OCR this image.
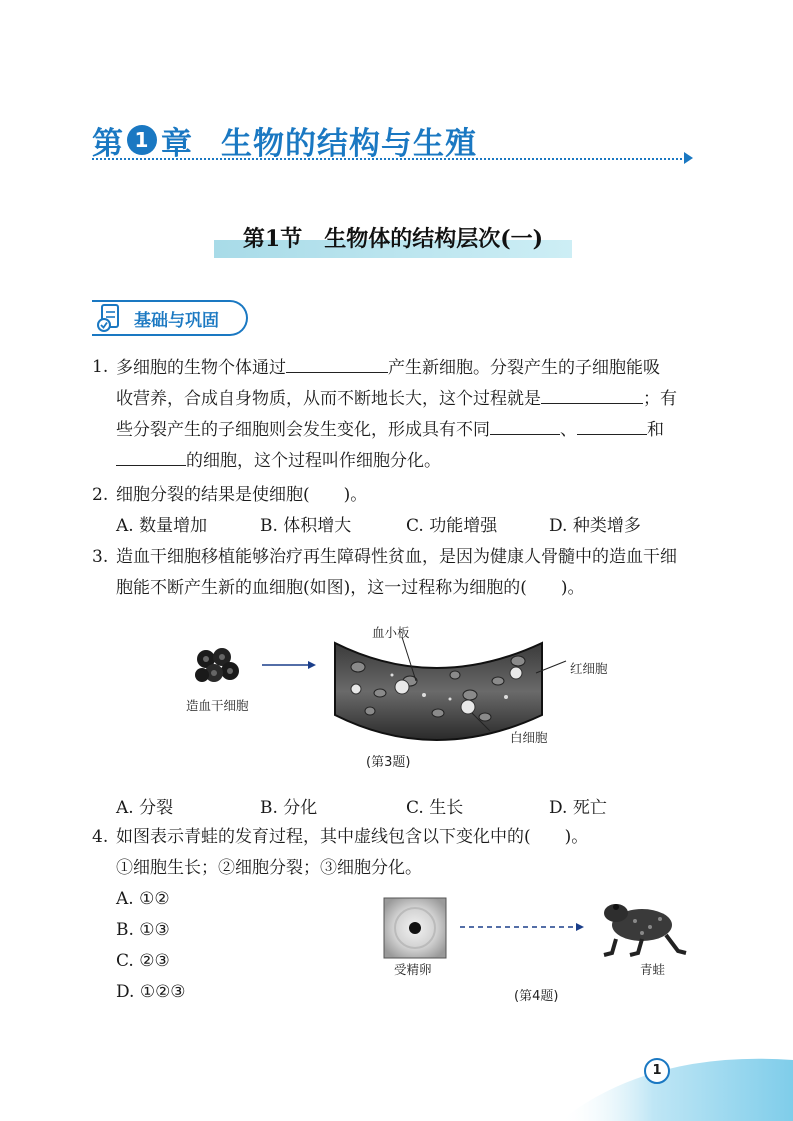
第 1 章 生物的结构与生殖
第1节　生物体的结构层次(一)
基础与巩固
1. 多细胞的生物个体通过	产生新细胞。分裂产生的子细胞能吸
收营养，合成自身物质，从而不断地长大，这个过程就是	；有
些分裂产生的子细胞则会发生变化，形成具有不同	、	和
的细胞，这个过程叫作细胞分化。
2. 细胞分裂的结果是使细胞(　　)。
A. 数量增加	B. 体积增大	C. 功能增强	D. 种类增多
3. 造血干细胞移植能够治疗再生障碍性贫血，是因为健康人骨髓中的造血干细
胞能不断产生新的血细胞(如图)，这一过程称为细胞的(　　)。
造血干细胞
血小板
红细胞
白细胞
(第3题)
A. 分裂	B. 分化	C. 生长	D. 死亡
4. 如图表示青蛙的发育过程，其中虚线包含以下变化中的(　　)。
①细胞生长；②细胞分裂；③细胞分化。
A. ①②
B. ①③
C. ②③
D. ①②③
受精卵	青蛙
(第4题)
1
